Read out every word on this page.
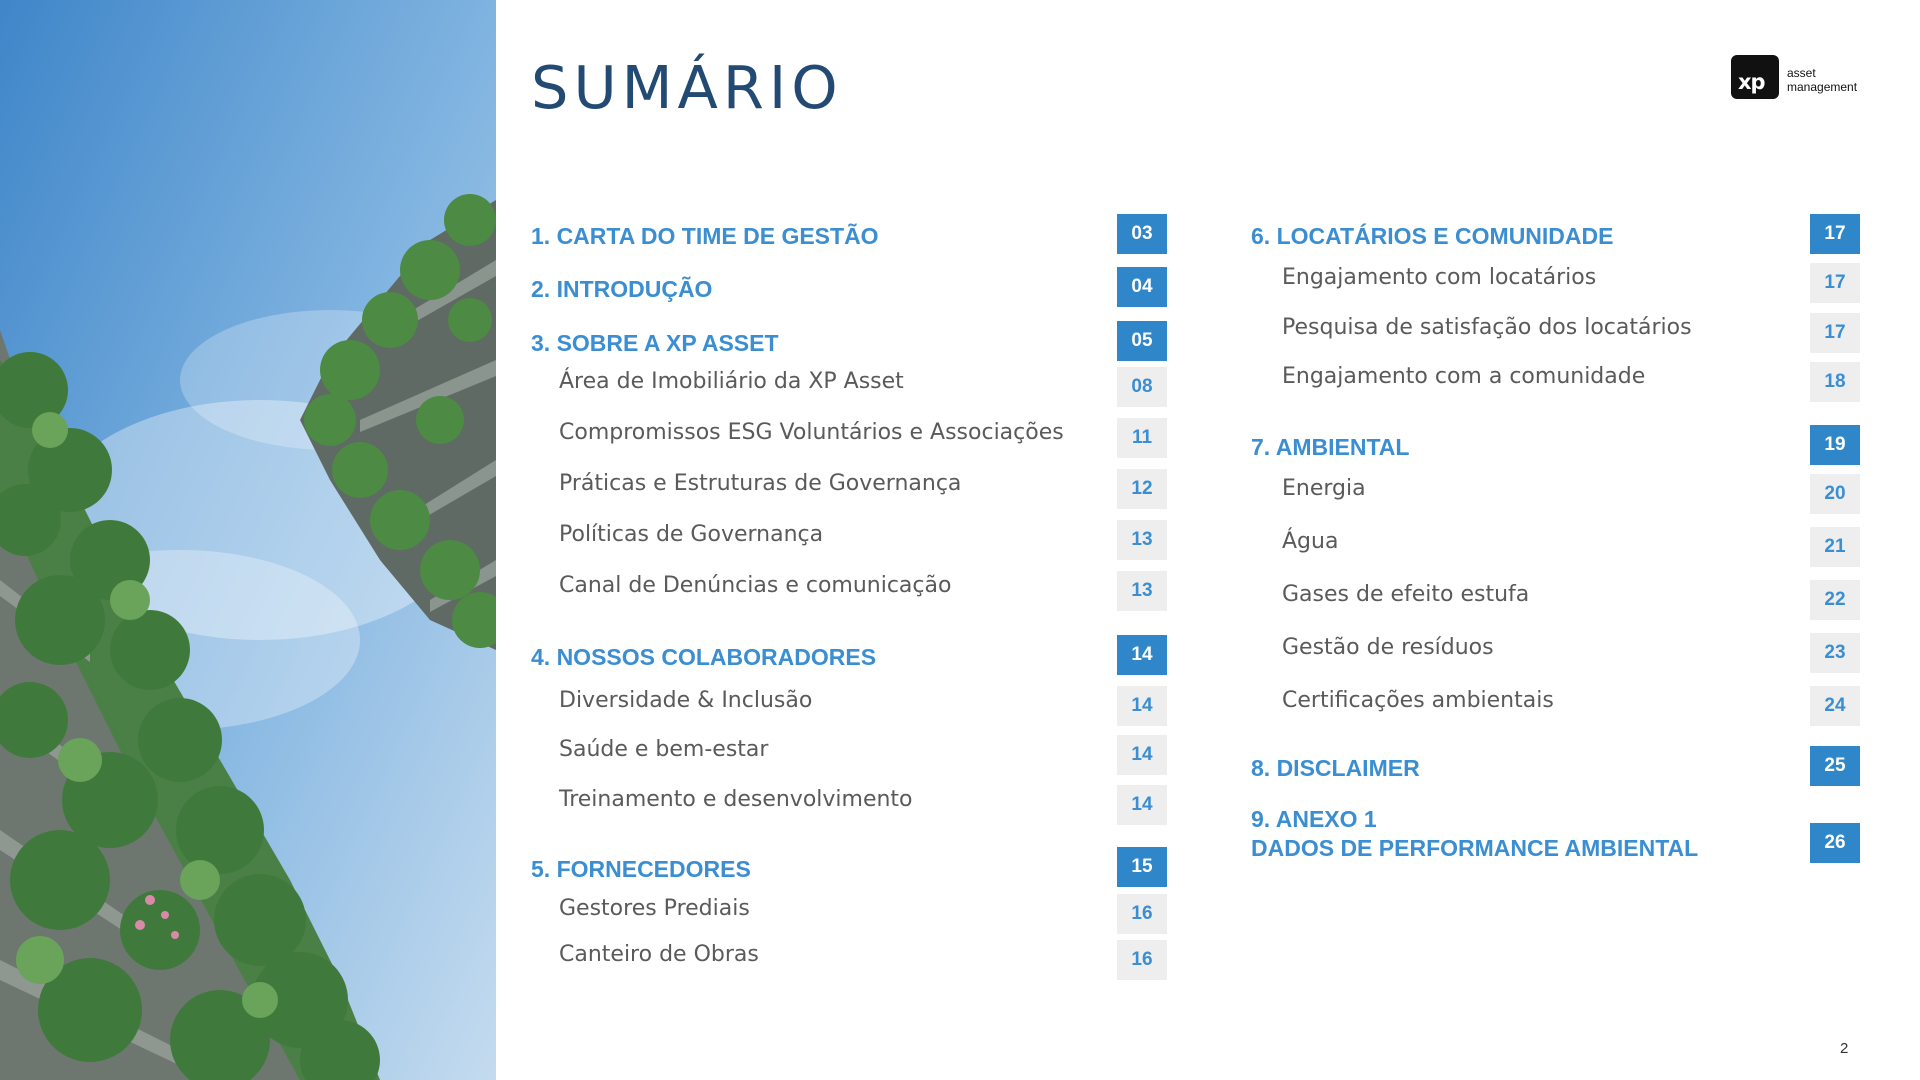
SUMÁRIO	xp asset
management
1. CARTA DO TIME DE GESTÃO	03
2. INTRODUÇÃO	04
3. SOBRE A XP ASSET	05
Área de Imobiliário da XP Asset	08
Compromissos ESG Voluntários e Associações	11
Práticas e Estruturas de Governança	12
Políticas de Governança	13
Canal de Denúncias e comunicação	13
4. NOSSOS COLABORADORES	14
Diversidade & Inclusão	14
Saúde e bem-estar	14
Treinamento e desenvolvimento	14
5. FORNECEDORES	15
Gestores Prediais	16
Canteiro de Obras	16
6. LOCATÁRIOS E COMUNIDADE	17
Engajamento com locatários	17
Pesquisa de satisfação dos locatários	17
Engajamento com a comunidade	18
7. AMBIENTAL	19
Energia	20
Água	21
Gases de efeito estufa	22
Gestão de resíduos	23
Certificações ambientais	24
8. DISCLAIMER	25
9. ANEXO 1
DADOS DE PERFORMANCE AMBIENTAL	26
2
